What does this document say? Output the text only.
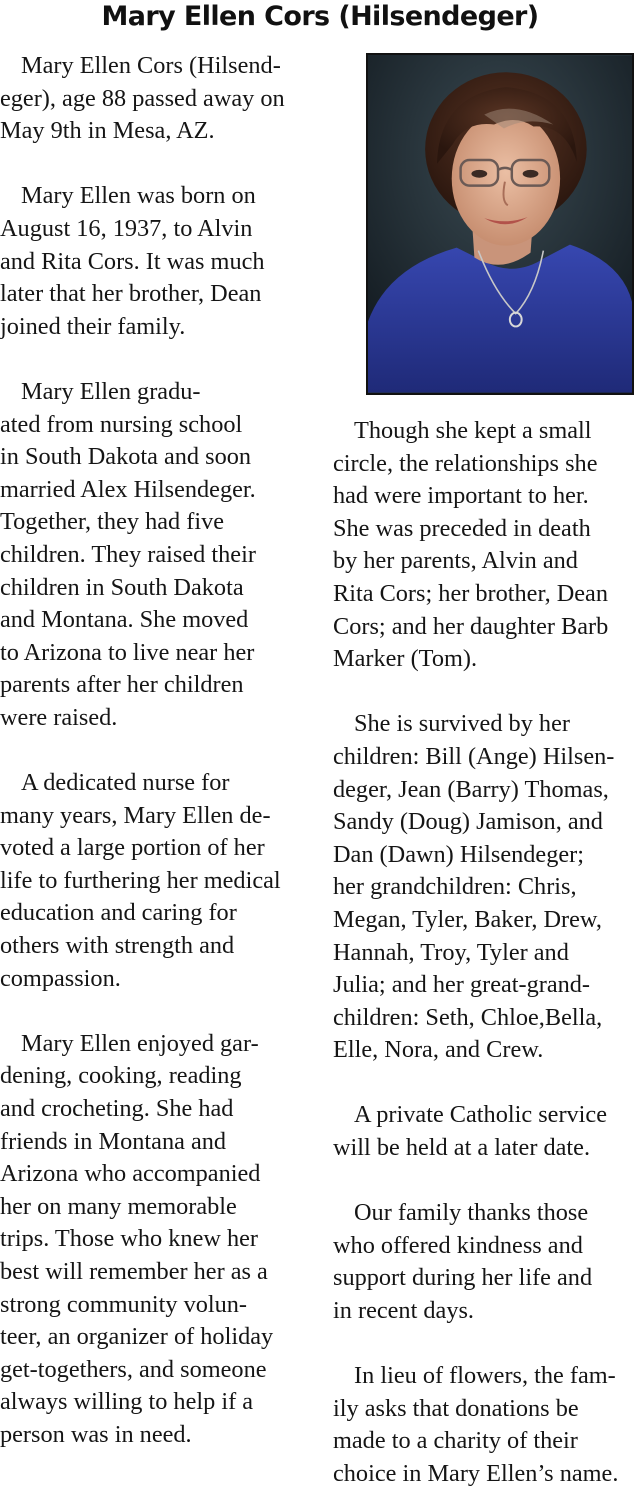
Mary Ellen Cors (Hilsendeger)
Mary Ellen Cors (Hilsend-
eger), age 88 passed away on
May 9th in Mesa, AZ.
Mary Ellen was born on
August 16, 1937, to Alvin
and Rita Cors. It was much
later that her brother, Dean
joined their family.
Mary Ellen gradu-
ated from nursing school
in South Dakota and soon
married Alex Hilsendeger.
Together, they had five
children. They raised their
children in South Dakota
and Montana. She moved
to Arizona to live near her
parents after her children
were raised.
A dedicated nurse for
many years, Mary Ellen de-
voted a large portion of her
life to furthering her medical
education and caring for
others with strength and
compassion.
Mary Ellen enjoyed gar-
dening, cooking, reading
and crocheting. She had
friends in Montana and
Arizona who accompanied
her on many memorable
trips. Those who knew her
best will remember her as a
strong community volun-
teer, an organizer of holiday
get-togethers, and someone
always willing to help if a
person was in need.
Though she kept a small
circle, the relationships she
had were important to her.
She was preceded in death
by her parents, Alvin and
Rita Cors; her brother, Dean
Cors; and her daughter Barb
Marker (Tom).
She is survived by her
children: Bill (Ange) Hilsen-
deger, Jean (Barry) Thomas,
Sandy (Doug) Jamison, and
Dan (Dawn) Hilsendeger;
her grandchildren: Chris,
Megan, Tyler, Baker, Drew,
Hannah, Troy, Tyler and
Julia; and her great-grand-
children: Seth, Chloe,Bella,
Elle, Nora, and Crew.
A private Catholic service
will be held at a later date.
Our family thanks those
who offered kindness and
support during her life and
in recent days.
In lieu of flowers, the fam-
ily asks that donations be
made to a charity of their
choice in Mary Ellen’s name.
